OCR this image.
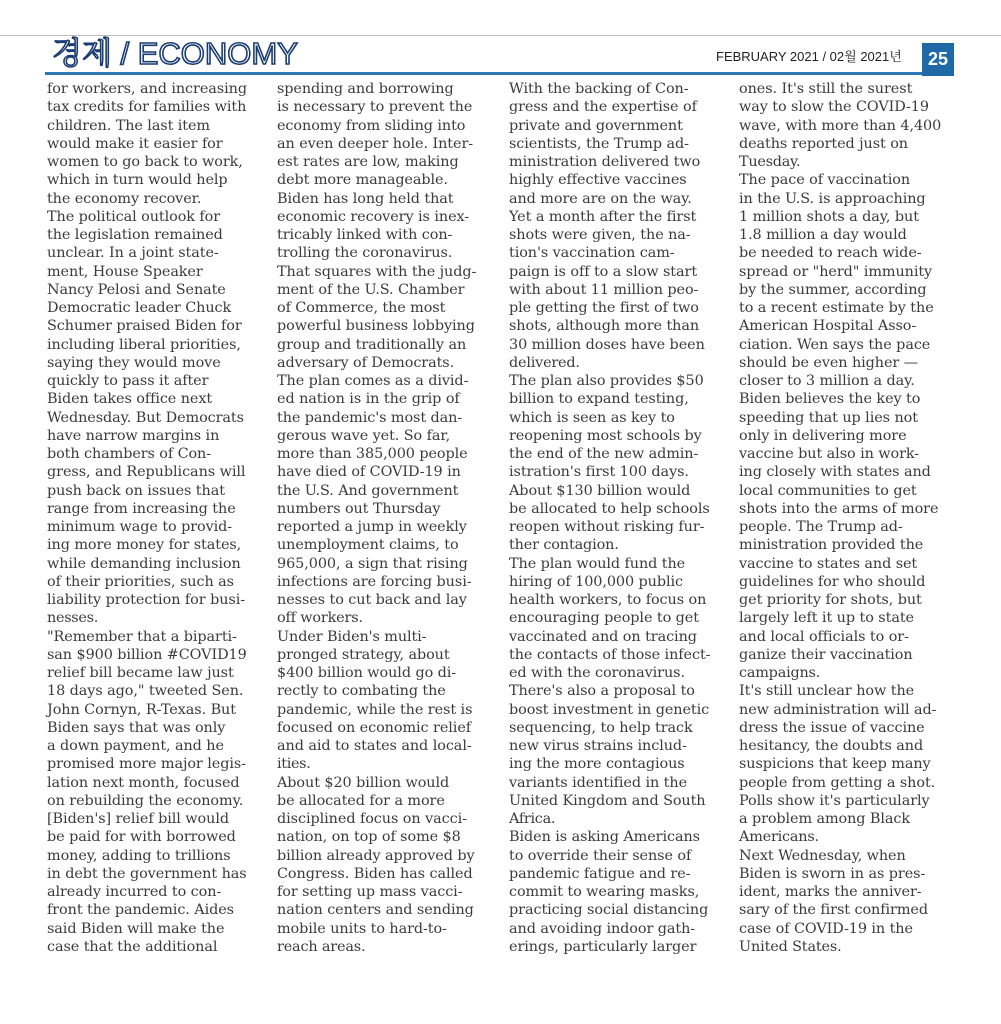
경제 / ECONOMY	FEBRUARY 2021 / 02월 2021년	25
for workers, and increasing
tax credits for families with
children. The last item
would make it easier for
women to go back to work,
which in turn would help
the economy recover.
The political outlook for
the legislation remained
unclear. In a joint state-
ment, House Speaker
Nancy Pelosi and Senate
Democratic leader Chuck
Schumer praised Biden for
including liberal priorities,
saying they would move
quickly to pass it after
Biden takes office next
Wednesday. But Democrats
have narrow margins in
both chambers of Con-
gress, and Republicans will
push back on issues that
range from increasing the
minimum wage to provid-
ing more money for states,
while demanding inclusion
of their priorities, such as
liability protection for busi-
nesses.
"Remember that a biparti-
san $900 billion #COVID19
relief bill became law just
18 days ago," tweeted Sen.
John Cornyn, R-Texas. But
Biden says that was only
a down payment, and he
promised more major legis-
lation next month, focused
on rebuilding the economy.
[Biden's] relief bill would
be paid for with borrowed
money, adding to trillions
in debt the government has
already incurred to con-
front the pandemic. Aides
said Biden will make the
case that the additional
spending and borrowing
is necessary to prevent the
economy from sliding into
an even deeper hole. Inter-
est rates are low, making
debt more manageable.
Biden has long held that
economic recovery is inex-
tricably linked with con-
trolling the coronavirus.
That squares with the judg-
ment of the U.S. Chamber
of Commerce, the most
powerful business lobbying
group and traditionally an
adversary of Democrats.
The plan comes as a divid-
ed nation is in the grip of
the pandemic's most dan-
gerous wave yet. So far,
more than 385,000 people
have died of COVID-19 in
the U.S. And government
numbers out Thursday
reported a jump in weekly
unemployment claims, to
965,000, a sign that rising
infections are forcing busi-
nesses to cut back and lay
off workers.
Under Biden's multi-
pronged strategy, about
$400 billion would go di-
rectly to combating the
pandemic, while the rest is
focused on economic relief
and aid to states and local-
ities.
About $20 billion would
be allocated for a more
disciplined focus on vacci-
nation, on top of some $8
billion already approved by
Congress. Biden has called
for setting up mass vacci-
nation centers and sending
mobile units to hard-to-
reach areas.
With the backing of Con-
gress and the expertise of
private and government
scientists, the Trump ad-
ministration delivered two
highly effective vaccines
and more are on the way.
Yet a month after the first
shots were given, the na-
tion's vaccination cam-
paign is off to a slow start
with about 11 million peo-
ple getting the first of two
shots, although more than
30 million doses have been
delivered.
The plan also provides $50
billion to expand testing,
which is seen as key to
reopening most schools by
the end of the new admin-
istration's first 100 days.
About $130 billion would
be allocated to help schools
reopen without risking fur-
ther contagion.
The plan would fund the
hiring of 100,000 public
health workers, to focus on
encouraging people to get
vaccinated and on tracing
the contacts of those infect-
ed with the coronavirus.
There's also a proposal to
boost investment in genetic
sequencing, to help track
new virus strains includ-
ing the more contagious
variants identified in the
United Kingdom and South
Africa.
Biden is asking Americans
to override their sense of
pandemic fatigue and re-
commit to wearing masks,
practicing social distancing
and avoiding indoor gath-
erings, particularly larger
ones. It's still the surest
way to slow the COVID-19
wave, with more than 4,400
deaths reported just on
Tuesday.
The pace of vaccination
in the U.S. is approaching
1 million shots a day, but
1.8 million a day would
be needed to reach wide-
spread or "herd" immunity
by the summer, according
to a recent estimate by the
American Hospital Asso-
ciation. Wen says the pace
should be even higher —
closer to 3 million a day.
Biden believes the key to
speeding that up lies not
only in delivering more
vaccine but also in work-
ing closely with states and
local communities to get
shots into the arms of more
people. The Trump ad-
ministration provided the
vaccine to states and set
guidelines for who should
get priority for shots, but
largely left it up to state
and local officials to or-
ganize their vaccination
campaigns.
It's still unclear how the
new administration will ad-
dress the issue of vaccine
hesitancy, the doubts and
suspicions that keep many
people from getting a shot.
Polls show it's particularly
a problem among Black
Americans.
Next Wednesday, when
Biden is sworn in as pres-
ident, marks the anniver-
sary of the first confirmed
case of COVID-19 in the
United States.
